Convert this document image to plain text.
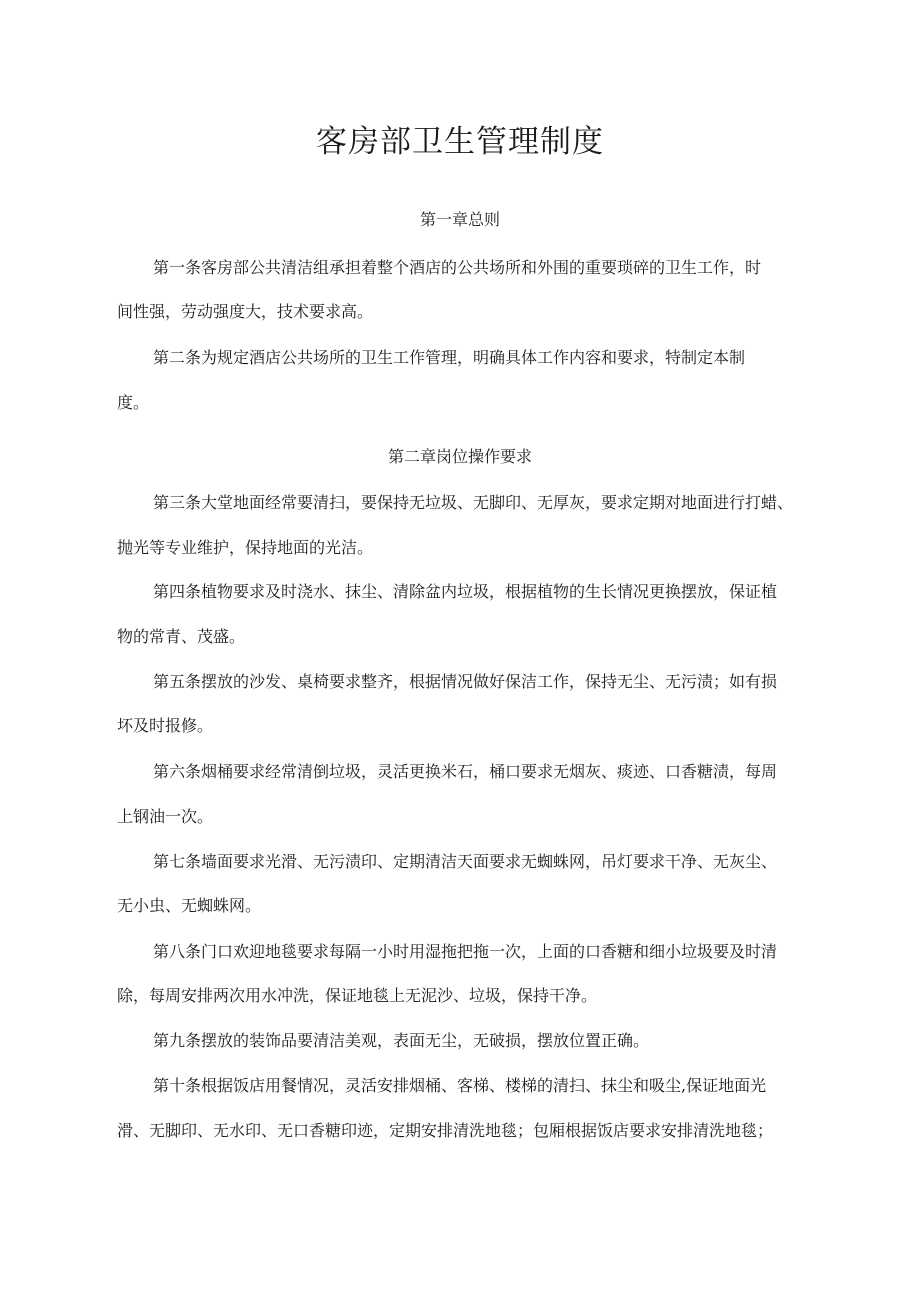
客房部卫生管理制度
第一章总则

第一条客房部公共清洁组承担着整个酒店的公共场所和外围的重要琐碎的卫生工作，时

间性强，劳动强度大，技术要求高。

第二条为规定酒店公共场所的卫生工作管理，明确具体工作内容和要求，特制定本制

度。

第二章岗位操作要求

第三条大堂地面经常要清扫，要保持无垃圾、无脚印、无厚灰，要求定期对地面进行打蜡、

抛光等专业维护，保持地面的光洁。

第四条植物要求及时浇水、抹尘、清除盆内垃圾，根据植物的生长情况更换摆放，保证植

物的常青、茂盛。

第五条摆放的沙发、桌椅要求整齐，根据情况做好保洁工作，保持无尘、无污渍；如有损

坏及时报修。

第六条烟桶要求经常清倒垃圾，灵活更换米石，桶口要求无烟灰、痰迹、口香糖渍，每周

上钢油一次。

第七条墙面要求光滑、无污渍印、定期清洁天面要求无蜘蛛网，吊灯要求干净、无灰尘、

无小虫、无蜘蛛网。

第八条门口欢迎地毯要求每隔一小时用湿拖把拖一次，上面的口香糖和细小垃圾要及时清

除，每周安排两次用水冲洗，保证地毯上无泥沙、垃圾，保持干净。

第九条摆放的装饰品要清洁美观，表面无尘，无破损，摆放位置正确。

第十条根据饭店用餐情况，灵活安排烟桶、客梯、楼梯的清扫、抹尘和吸尘,保证地面光

滑、无脚印、无水印、无口香糖印迹，定期安排清洗地毯；包厢根据饭店要求安排清洗地毯；
